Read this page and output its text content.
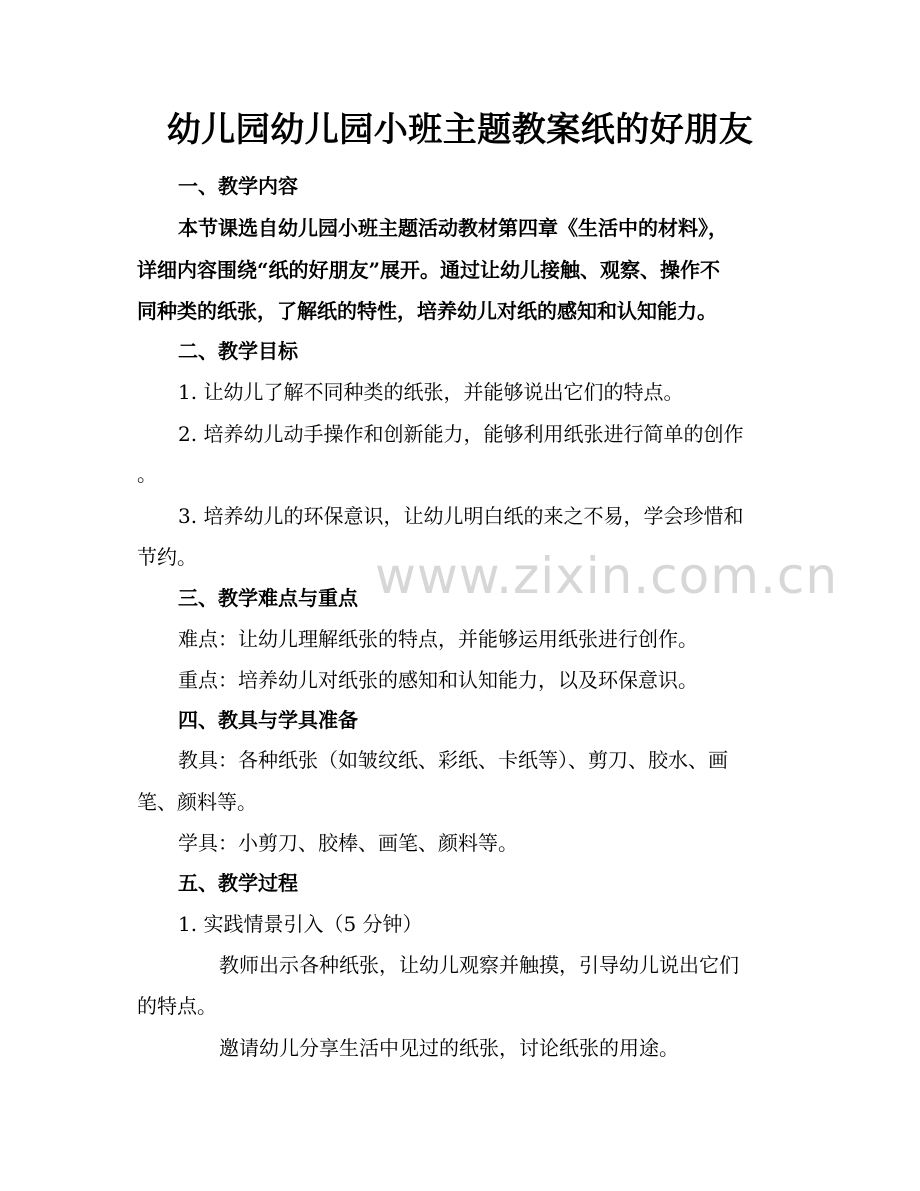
幼儿园幼儿园小班主题教案纸的好朋友
一、教学内容
本节课选自幼儿园小班主题活动教材第四章《生活中的材料》，
详细内容围绕“纸的好朋友”展开。通过让幼儿接触、观察、操作不
同种类的纸张，了解纸的特性，培养幼儿对纸的感知和认知能力。
二、教学目标
1. 让幼儿了解不同种类的纸张，并能够说出它们的特点。
2. 培养幼儿动手操作和创新能力，能够利用纸张进行简单的创作
。
3. 培养幼儿的环保意识，让幼儿明白纸的来之不易，学会珍惜和
节约。
三、教学难点与重点
难点：让幼儿理解纸张的特点，并能够运用纸张进行创作。
重点：培养幼儿对纸张的感知和认知能力，以及环保意识。
四、教具与学具准备
教具：各种纸张（如皱纹纸、彩纸、卡纸等）、剪刀、胶水、画
笔、颜料等。
学具：小剪刀、胶棒、画笔、颜料等。
五、教学过程
1. 实践情景引入（5 分钟）
教师出示各种纸张，让幼儿观察并触摸，引导幼儿说出它们
的特点。
邀请幼儿分享生活中见过的纸张，讨论纸张的用途。
www.zixin.com.cn
